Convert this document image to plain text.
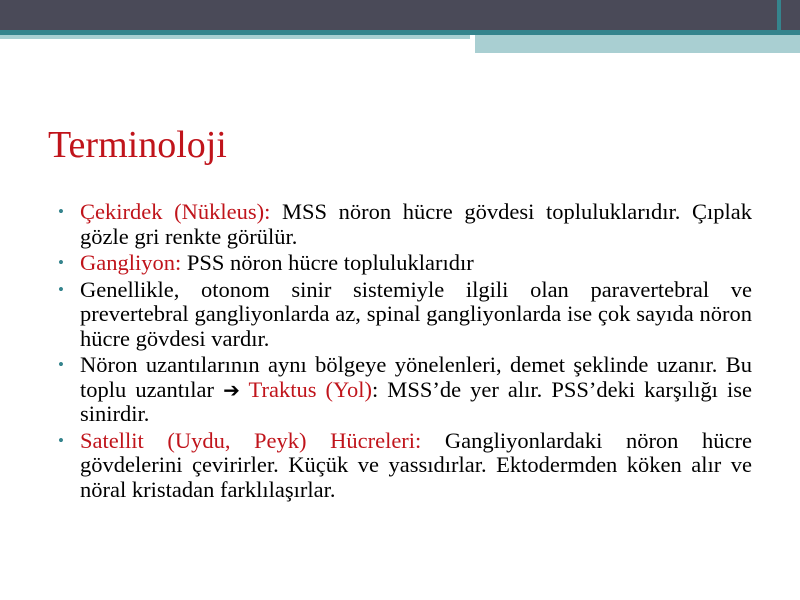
Terminoloji
• Çekirdek (Nükleus): MSS nöron hücre gövdesi topluluklarıdır. Çıplak gözle gri renkte görülür.
• Gangliyon: PSS nöron hücre topluluklarıdır
• Genellikle, otonom sinir sistemiyle ilgili olan paravertebral ve prevertebral gangliyonlarda az, spinal gangliyonlarda ise çok sayıda nöron hücre gövdesi vardır.
• Nöron uzantılarının aynı bölgeye yönelenleri, demet şeklinde uzanır. Bu toplu uzantılar ➔ Traktus (Yol): MSS’de yer alır. PSS’deki karşılığı ise sinirdir.
• Satellit (Uydu, Peyk) Hücreleri: Gangliyonlardaki nöron hücre gövdelerini çevirirler. Küçük ve yassıdırlar. Ektodermden köken alır ve nöral kristadan farklılaşırlar.
